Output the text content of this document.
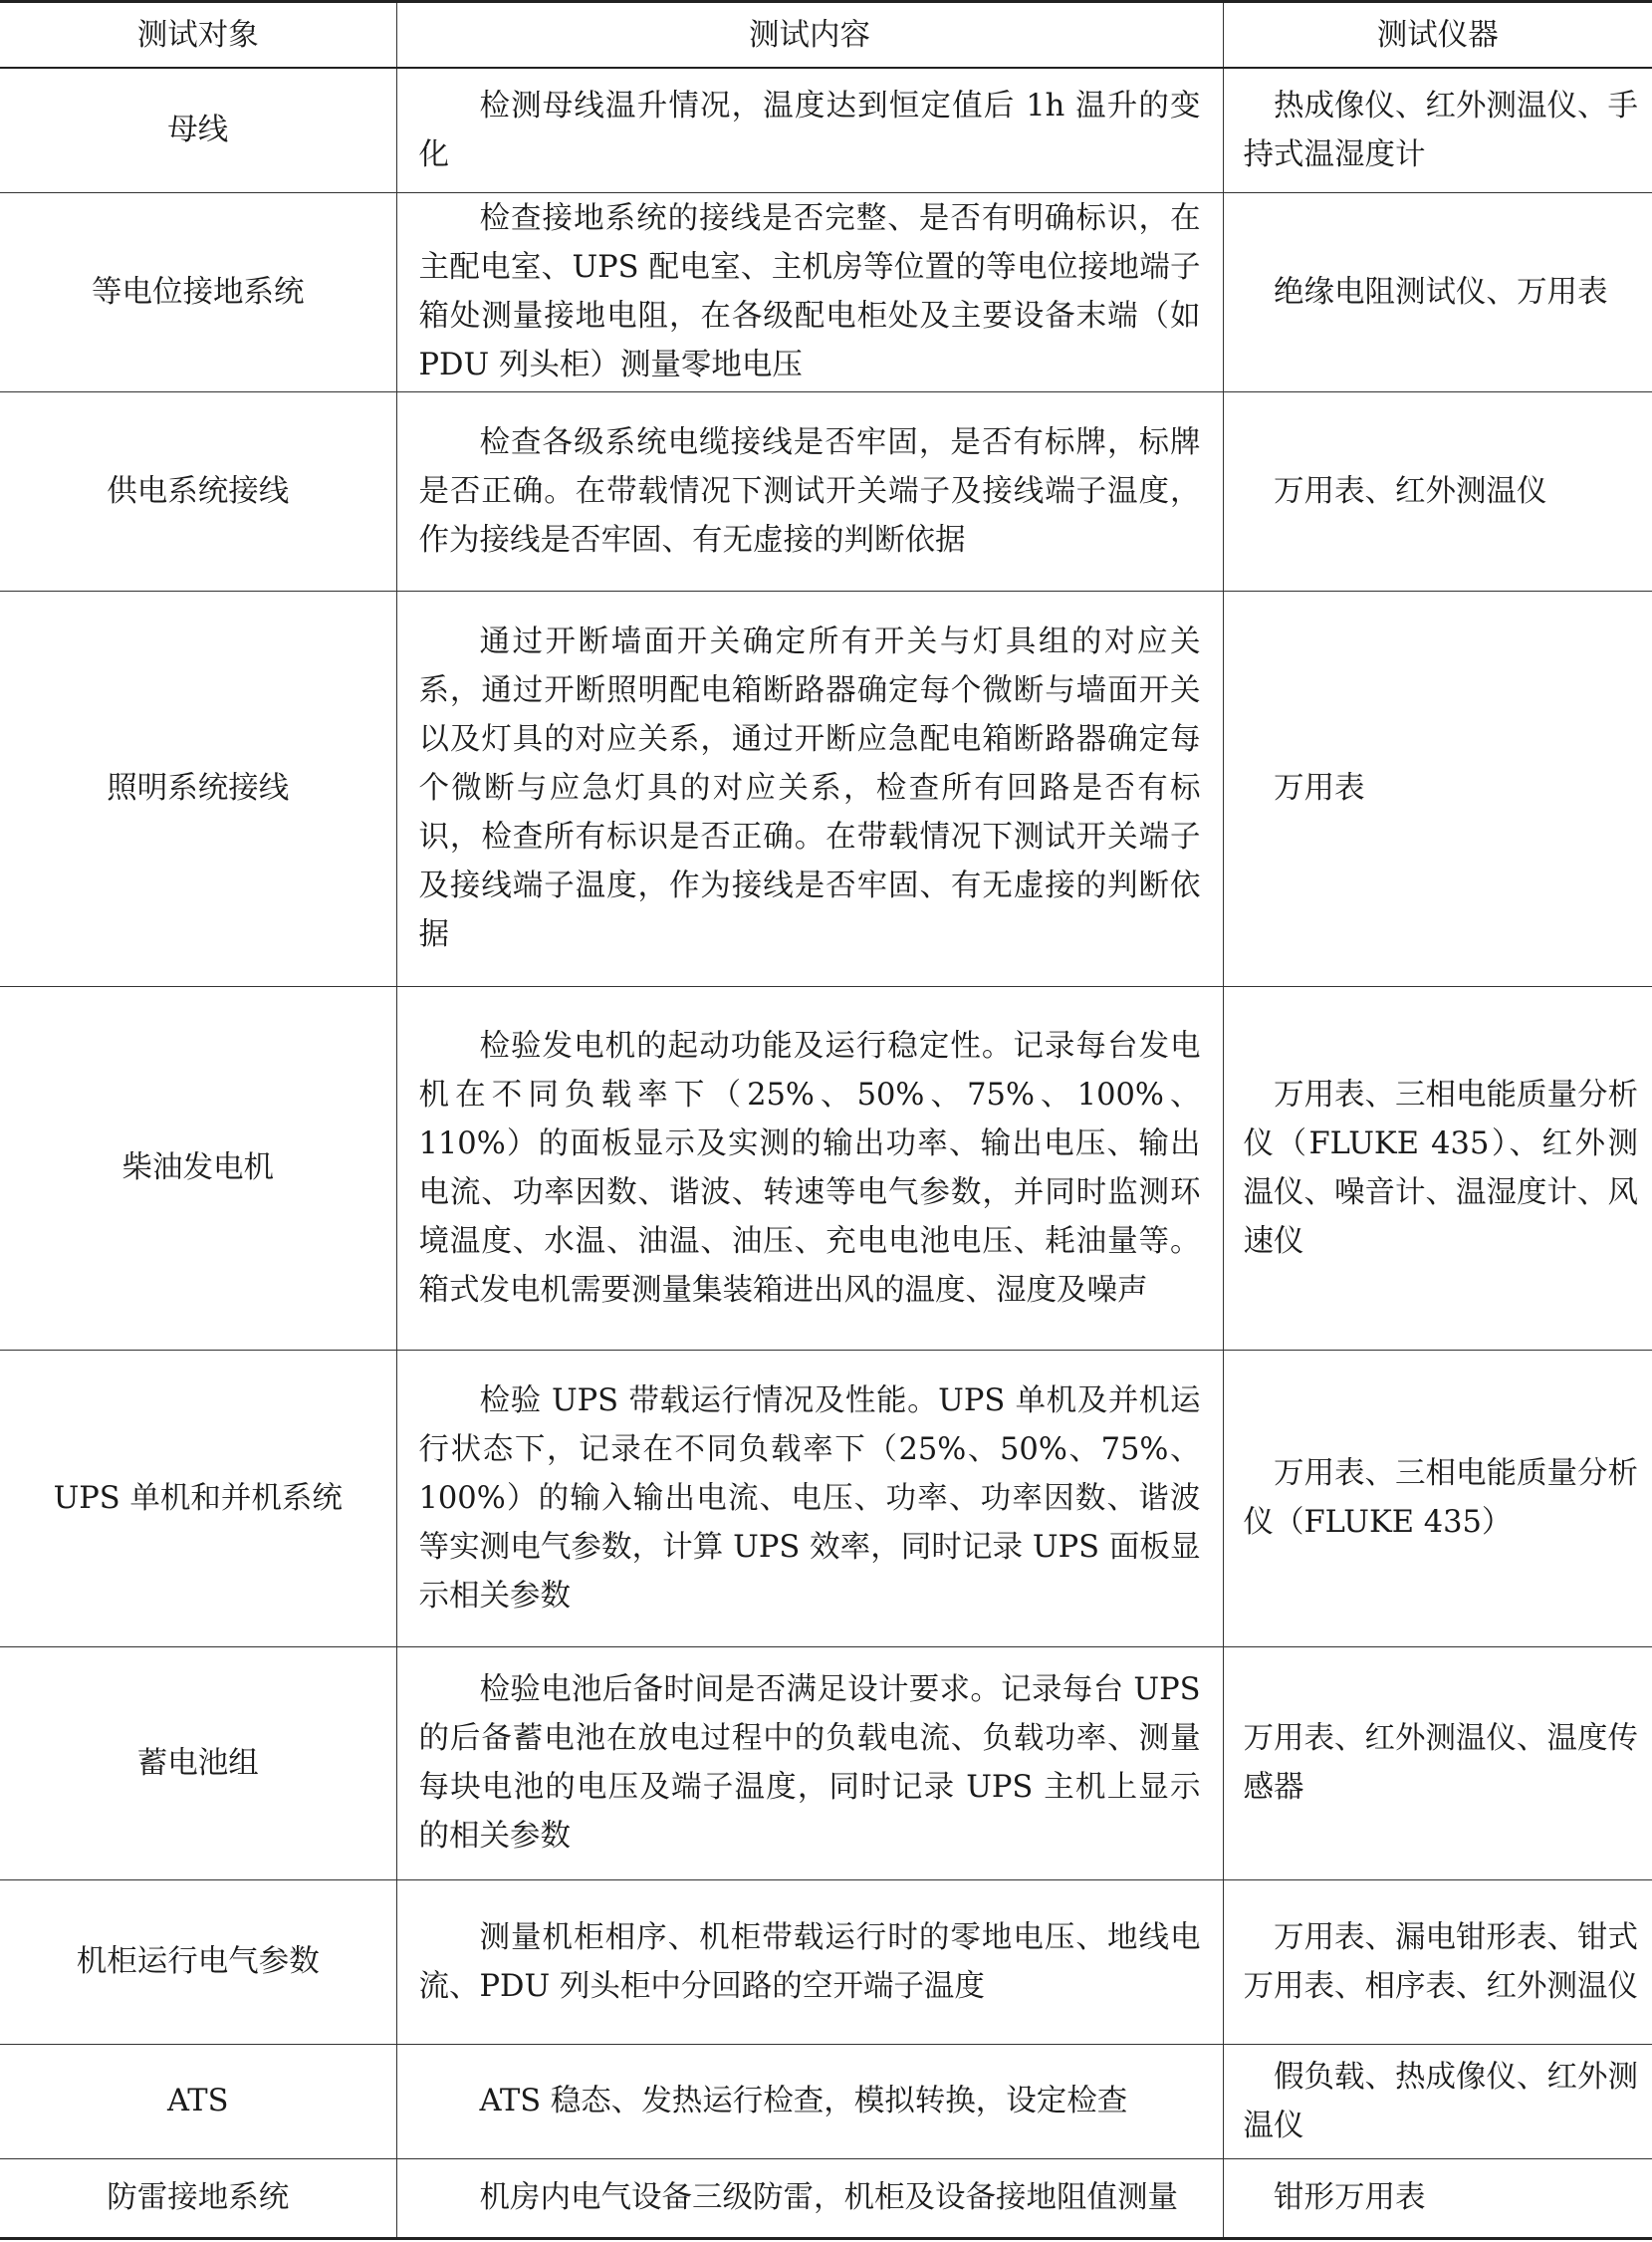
测试对象	测试内容	测试仪器
母线	检测母线温升情况，温度达到恒定值后 1h 温升的变化	热成像仪、红外测温仪、手持式温湿度计

等电位接地系统	检查接地系统的接线是否完整、是否有明确标识，在主配电室、UPS 配电室、主机房等位置的等电位接地端子箱处测量接地电阻，在各级配电柜处及主要设备末端（如 PDU 列头柜）测量零地电压	绝缘电阻测试仪、万用表

供电系统接线	检查各级系统电缆接线是否牢固，是否有标牌，标牌是否正确。在带载情况下测试开关端子及接线端子温度，作为接线是否牢固、有无虚接的判断依据	万用表、红外测温仪

照明系统接线	通过开断墙面开关确定所有开关与灯具组的对应关系，通过开断照明配电箱断路器确定每个微断与墙面开关以及灯具的对应关系，通过开断应急配电箱断路器确定每个微断与应急灯具的对应关系，检查所有回路是否有标识，检查所有标识是否正确。在带载情况下测试开关端子及接线端子温度，作为接线是否牢固、有无虚接的判断依据	万用表

柴油发电机	检验发电机的起动功能及运行稳定性。记录每台发电机在不同负载率下（25%、50%、75%、100%、110%）的面板显示及实测的输出功率、输出电压、输出电流、功率因数、谐波、转速等电气参数，并同时监测环境温度、水温、油温、油压、充电电池电压、耗油量等。箱式发电机需要测量集装箱进出风的温度、湿度及噪声	万用表、三相电能质量分析仪（FLUKE 435）、红外测温仪、噪音计、温湿度计、风速仪

UPS 单机和并机系统	检验 UPS 带载运行情况及性能。UPS 单机及并机运行状态下，记录在不同负载率下（25%、50%、75%、100%）的输入输出电流、电压、功率、功率因数、谐波等实测电气参数，计算 UPS 效率，同时记录 UPS 面板显示相关参数	万用表、三相电能质量分析仪（FLUKE 435）

蓄电池组	检验电池后备时间是否满足设计要求。记录每台 UPS 的后备蓄电池在放电过程中的负载电流、负载功率、测量每块电池的电压及端子温度，同时记录 UPS 主机上显示的相关参数	万用表、红外测温仪、温度传感器

机柜运行电气参数	测量机柜相序、机柜带载运行时的零地电压、地线电流、PDU 列头柜中分回路的空开端子温度	万用表、漏电钳形表、钳式万用表、相序表、红外测温仪

ATS	ATS 稳态、发热运行检查，模拟转换，设定检查	假负载、热成像仪、红外测温仪

防雷接地系统	机房内电气设备三级防雷，机柜及设备接地阻值测量	钳形万用表
